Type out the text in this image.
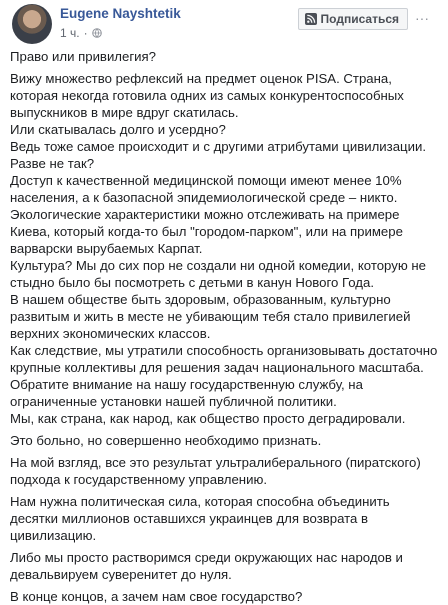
Eugene Nayshtetik
1 ч. ·
Подписаться ···

Право или привилегия?

Вижу множество рефлексий на предмет оценок PISA. Страна, которая некогда готовила одних из самых конкурентоспособных выпускников в мире вдруг скатилась.
Или скатывалась долго и усердно?
Ведь тоже самое происходит и с другими атрибутами цивилизации.
Разве не так?
Доступ к качественной медицинской помощи имеют менее 10% населения, а к базопасной эпидемиологической среде – никто.
Экологические характеристики можно отслеживать на примере Киева, который когда-то был "городом-парком", или на примере варварски вырубаемых Карпат.
Культура? Мы до сих пор не создали ни одной комедии, которую не стыдно было бы посмотреть с детьми в канун Нового Года.
В нашем обществе быть здоровым, образованным, культурно развитым и жить в месте не убивающим тебя стало привилегией верхних экономических классов.
Как следствие, мы утратили способность организовывать достаточно крупные коллективы для решения задач национального масштаба.
Обратите внимание на нашу государственную службу, на ограниченные установки нашей публичной политики.
Мы, как страна, как народ, как общество просто деградировали.

Это больно, но совершенно необходимо признать.

На мой взгляд, все это результат ультралиберального (пиратского) подхода к государственному управлению.

Нам нужна политическая сила, которая способна объединить десятки миллионов оставшихся украинцев для возврата в цивилизацию.

Либо мы просто растворимся среди окружающих нас народов и девальвируем суверенитет до нуля.

В конце концов, а зачем нам свое государство?
